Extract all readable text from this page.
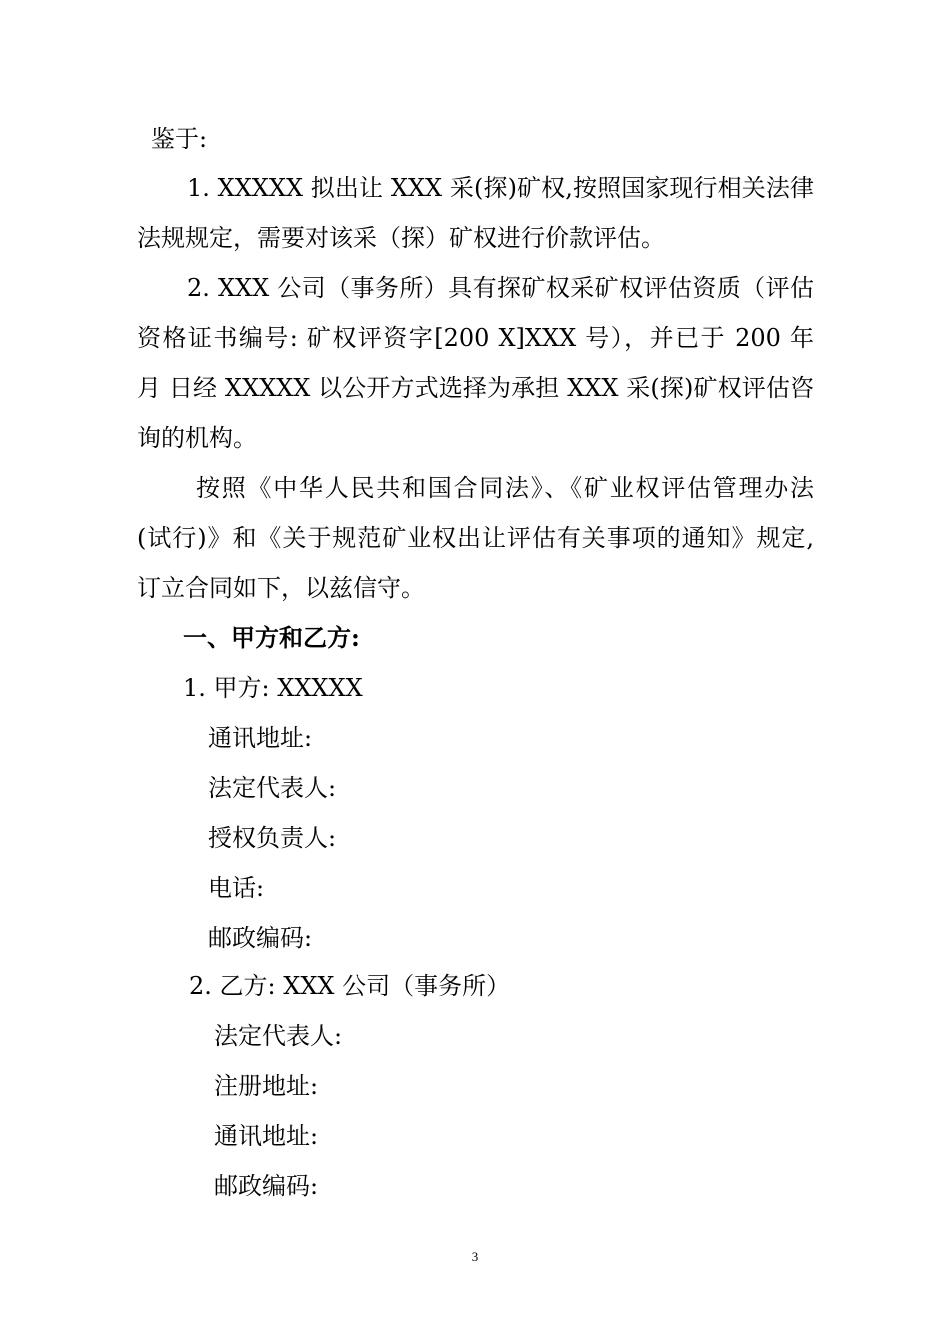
鉴于:
1. XXXXX 拟出让 XXX 采(探)矿权,按照国家现行相关法律
法规规定，需要对该采（探）矿权进行价款评估。
2. XXX 公司（事务所）具有探矿权采矿权评估资质（评估
资格证书编号: 矿权评资字[200 X]XXX 号），并已于 200 年
月 日经 XXXXX 以公开方式选择为承担 XXX 采(探)矿权评估咨
询的机构。
按照《中华人民共和国合同法》、《矿业权评估管理办法
(试行)》和《关于规范矿业权出让评估有关事项的通知》规定,
订立合同如下，以兹信守。
一、甲方和乙方:
1. 甲方: XXXXX
通讯地址:
法定代表人:
授权负责人:
电话:
邮政编码:
2. 乙方: XXX 公司（事务所）
法定代表人:
注册地址:
通讯地址:
邮政编码:
3
